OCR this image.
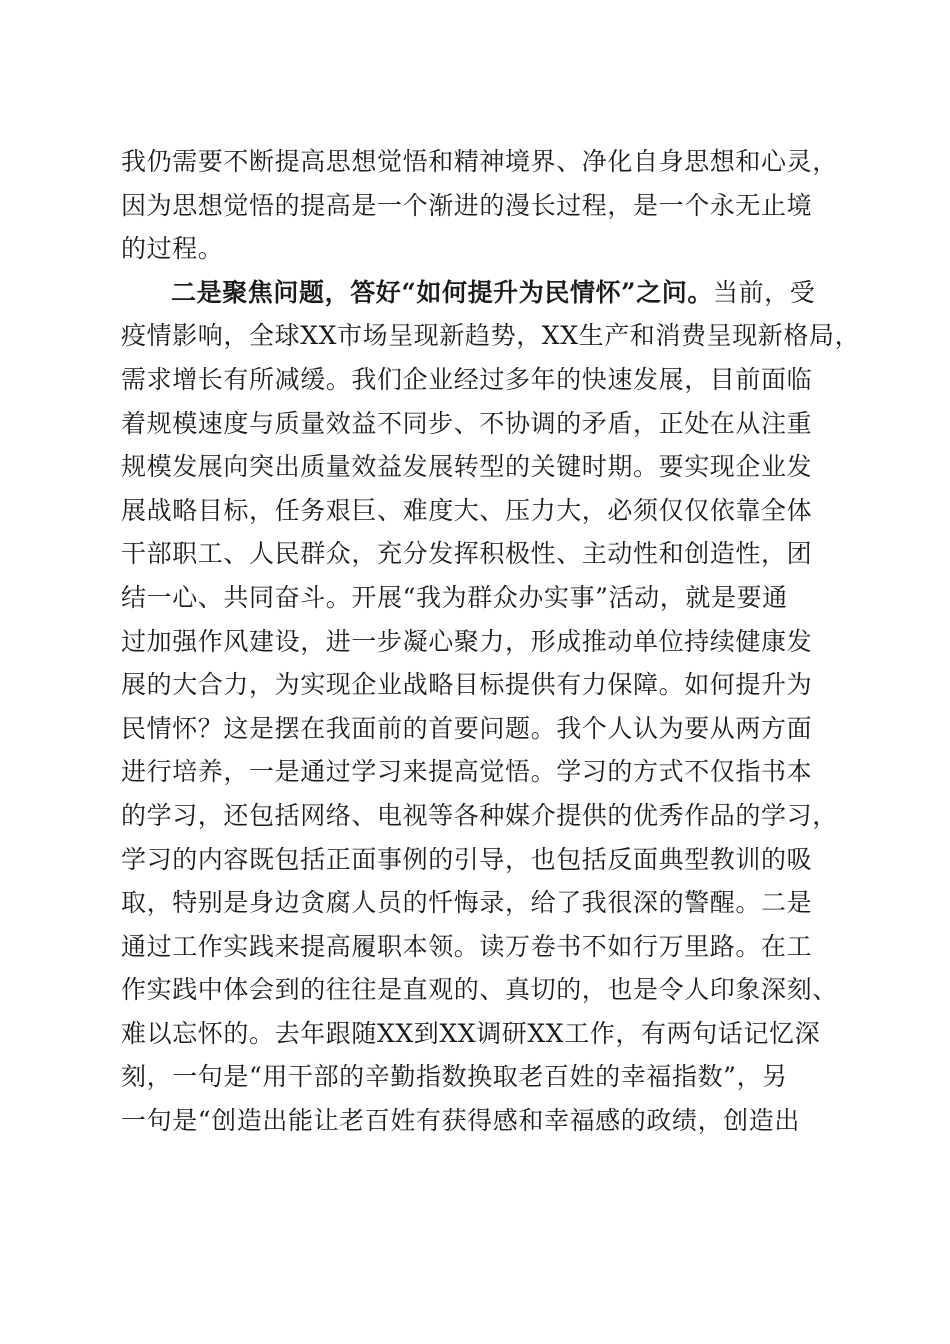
我仍需要不断提高思想觉悟和精神境界、净化自身思想和心灵，
因为思想觉悟的提高是一个渐进的漫长过程，是一个永无止境
的过程。
二是聚焦问题，答好“如何提升为民情怀”之问。当前，受
疫情影响，全球XX市场呈现新趋势，XX生产和消费呈现新格局，
需求增长有所减缓。我们企业经过多年的快速发展，目前面临
着规模速度与质量效益不同步、不协调的矛盾，正处在从注重
规模发展向突出质量效益发展转型的关键时期。要实现企业发
展战略目标，任务艰巨、难度大、压力大，必须仅仅依靠全体
干部职工、人民群众，充分发挥积极性、主动性和创造性，团
结一心、共同奋斗。开展“我为群众办实事”活动，就是要通
过加强作风建设，进一步凝心聚力，形成推动单位持续健康发
展的大合力，为实现企业战略目标提供有力保障。如何提升为
民情怀？这是摆在我面前的首要问题。我个人认为要从两方面
进行培养，一是通过学习来提高觉悟。学习的方式不仅指书本
的学习，还包括网络、电视等各种媒介提供的优秀作品的学习，
学习的内容既包括正面事例的引导，也包括反面典型教训的吸
取，特别是身边贪腐人员的忏悔录，给了我很深的警醒。二是
通过工作实践来提高履职本领。读万卷书不如行万里路。在工
作实践中体会到的往往是直观的、真切的，也是令人印象深刻、
难以忘怀的。去年跟随XX到XX调研XX工作，有两句话记忆深
刻，一句是“用干部的辛勤指数换取老百姓的幸福指数”，另
一句是“创造出能让老百姓有获得感和幸福感的政绩，创造出
